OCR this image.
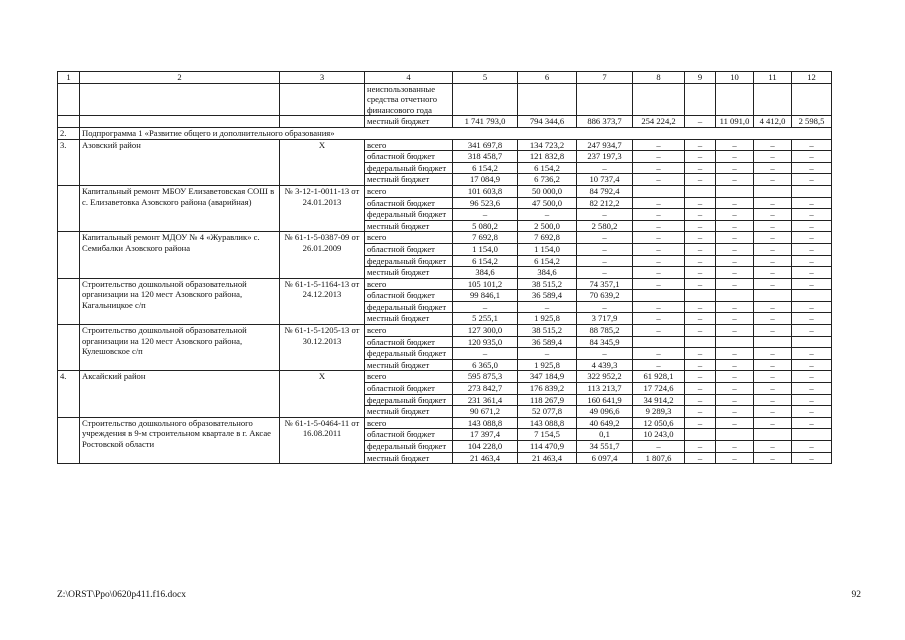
1	2	3	4	5	6	7	8	9	10	11	12
			неиспользованные средства отчетного финансового года								
			местный бюджет	1 741 793,0	794 344,6	886 373,7	254 224,2	–	11 091,0	4 412,0	2 598,5
2.	Подпрограмма 1 «Развитие общего и дополнительного образования»										
3.	Азовский район	Х	всего	341 697,8	134 723,2	247 934,7	–	–	–	–	–
			областной бюджет	318 458,7	121 832,8	237 197,3	–	–	–	–	–
			федеральный бюджет	6 154,2	6 154,2	–	–	–	–	–	–
			местный бюджет	17 084,9	6 736,2	10 737,4	–	–	–	–	–
	Капитальный ремонт МБОУ Елизаветовская СОШ в с. Елизаветовка Азовского района (аварийная)	№ 3-12-1-0011-13 от 24.01.2013	всего	101 603,8	50 000,0	84 792,4					
			областной бюджет	96 523,6	47 500,0	82 212,2	–	–	–	–	–
			федеральный бюджет	–	–	–	–	–	–	–	–
			местный бюджет	5 080,2	2 500,0	2 580,2	–	–	–	–	–
	Капитальный ремонт МДОУ № 4 «Журавлик» с. Семибалки Азовского района	№ 61-1-5-0387-09 от 26.01.2009	всего	7 692,8	7 692,8	–	–	–	–	–	–
			областной бюджет	1 154,0	1 154,0	–	–	–	–	–	–
			федеральный бюджет	6 154,2	6 154,2	–	–	–	–	–	–
			местный бюджет	384,6	384,6	–	–	–	–	–	–
	Строительство дошкольной образовательной организации на 120 мест Азовского района, Кагальницкое с/п	№ 61-1-5-1164-13 от 24.12.2013	всего	105 101,2	38 515,2	74 357,1	–	–	–	–	–
			областной бюджет	99 846,1	36 589,4	70 639,2					
			федеральный бюджет	–	–	–	–	–	–	–	–
			местный бюджет	5 255,1	1 925,8	3 717,9	–	–	–	–	–
	Строительство дошкольной образовательной организации на 120 мест Азовского района, Кулешовское с/п	№ 61-1-5-1205-13 от 30.12.2013	всего	127 300,0	38 515,2	88 785,2	–	–	–	–	–
			областной бюджет	120 935,0	36 589,4	84 345,9					
			федеральный бюджет	–	–	–	–	–	–	–	–
			местный бюджет	6 365,0	1 925,8	4 439,3	–	–	–	–	–
4.	Аксайский район	Х	всего	595 875,3	347 184,9	322 952,2	61 928,1	–	–	–	–
			областной бюджет	273 842,7	176 839,2	113 213,7	17 724,6	–	–	–	–
			федеральный бюджет	231 361,4	118 267,9	160 641,9	34 914,2	–	–	–	–
			местный бюджет	90 671,2	52 077,8	49 096,6	9 289,3	–	–	–	–
	Строительство дошкольного образовательного учреждения в 9-м строительном квартале в г. Аксае Ростовской области	№ 61-1-5-0464-11 от 16.08.2011	всего	143 088,8	143 088,8	40 649,2	12 050,6	–	–	–	–
			областной бюджет	17 397,4	7 154,5	0,1	10 243,0				
			федеральный бюджет	104 228,0	114 470,9	34 551,7	–	–	–	–	–
			местный бюджет	21 463,4	21 463,4	6 097,4	1 807,6	–	–	–	–
Z:\ORST\Ppo\0620p411.f16.docx	92
